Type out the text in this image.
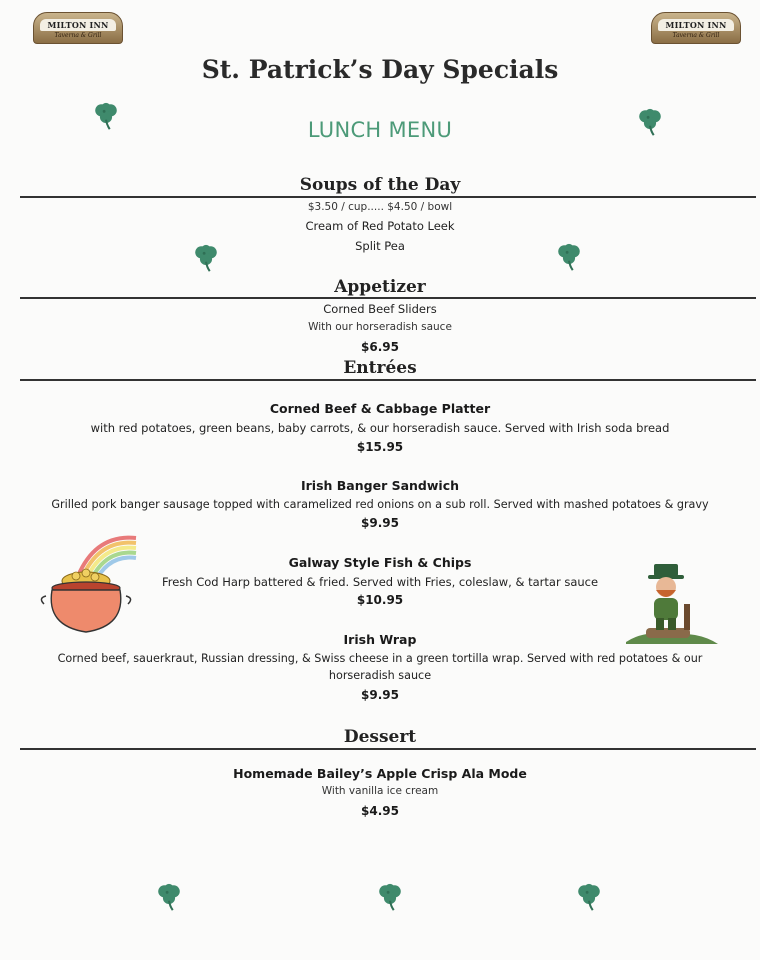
MILTON INN
Taverna & Grill
MILTON INN
Taverna & Grill
St. Patrick’s Day Specials
LUNCH MENU
Soups of the Day
$3.50 / cup..... $4.50 / bowl
Cream of Red Potato Leek
Split Pea
Appetizer
Corned Beef Sliders
With our horseradish sauce
$6.95
Entrées
Corned Beef & Cabbage Platter
with red potatoes, green beans, baby carrots, & our horseradish sauce. Served with Irish soda bread
$15.95
Irish Banger Sandwich
Grilled pork banger sausage topped with caramelized red onions on a sub roll. Served with mashed potatoes & gravy
$9.95
Galway Style Fish & Chips
Fresh Cod Harp battered & fried. Served with Fries, coleslaw, & tartar sauce
$10.95
Irish Wrap
Corned beef, sauerkraut, Russian dressing, & Swiss cheese in a green tortilla wrap. Served with red potatoes & our
horseradish sauce
$9.95
Dessert
Homemade Bailey’s Apple Crisp Ala Mode
With vanilla ice cream
$4.95
